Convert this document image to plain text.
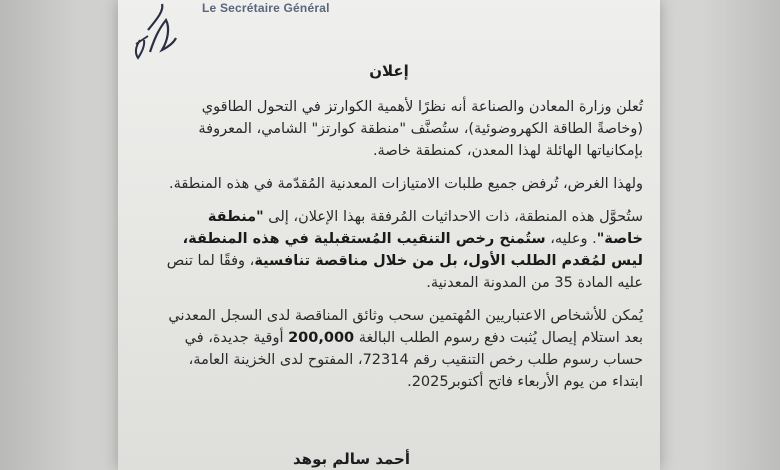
Le Secrétaire Général
إعلان

تُعلن وزارة المعادن والصناعة أنه نظرًا لأهمية الكوارتز في التحول الطاقوي (وخاصةً الطاقة الكهروضوئية)، ستُصنَّف "منطقة كوارتز" الشامي، المعروفة بإمكانياتها الهائلة لهذا المعدن، كمنطقة خاصة.

ولهذا الغرض، تُرفض جميع طلبات الامتيازات المعدنية المُقدّمة في هذه المنطقة.

ستُحوَّل هذه المنطقة، ذات الاحداثيات المُرفقة بهذا الإعلان، إلى "منطقة خاصة". وعليه، ستُمنح رخص التنقيب المُستقبلية في هذه المنطقة، ليس لمُقدم الطلب الأول، بل من خلال مناقصة تنافسية، وفقًا لما تنص عليه المادة 35 من المدونة المعدنية.

يُمكن للأشخاص الاعتباريين المُهتمين سحب وثائق المناقصة لدى السجل المعدني بعد استلام إيصال يُثبت دفع رسوم الطلب البالغة 200,000 أوقية جديدة، في حساب رسوم طلب رخص التنقيب رقم 72314، المفتوح لدى الخزينة العامة، ابتداء من يوم الأربعاء فاتح أكتوبر2025.

أحمد سالم بوهد
